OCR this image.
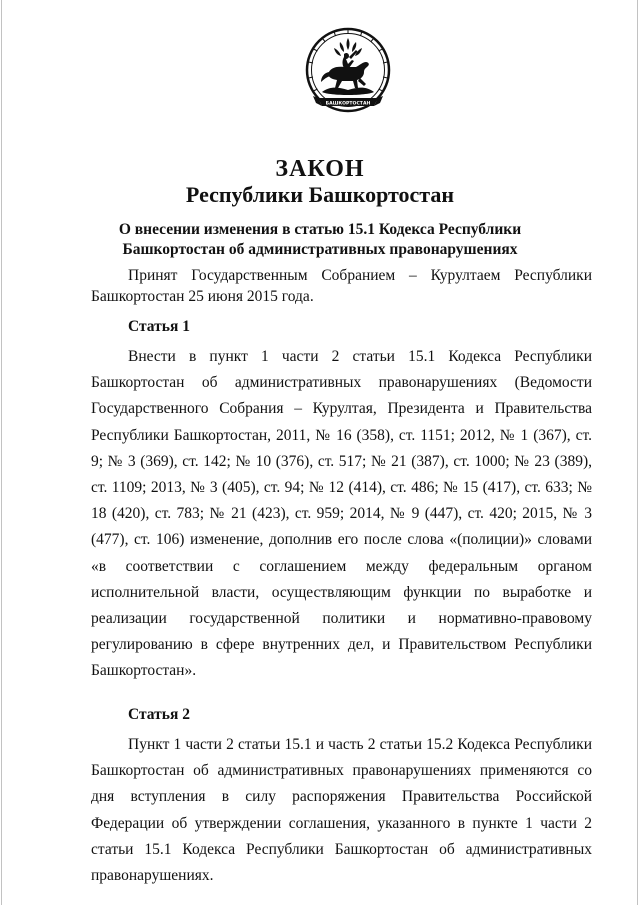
БАШКОРТОСТАН
ЗАКОН
Республики Башкортостан

О внесении изменения в статью 15.1 Кодекса Республики Башкортостан об административных правонарушениях

Принят Государственным Собранием – Курултаем Республики Башкортостан 25 июня 2015 года.

Статья 1

Внести в пункт 1 части 2 статьи 15.1 Кодекса Республики Башкортостан об административных правонарушениях (Ведомости Государственного Собрания – Курултая, Президента и Правительства Республики Башкортостан, 2011, № 16 (358), ст. 1151; 2012, № 1 (367), ст. 9; № 3 (369), ст. 142; № 10 (376), ст. 517; № 21 (387), ст. 1000; № 23 (389), ст. 1109; 2013, № 3 (405), ст. 94; № 12 (414), ст. 486; № 15 (417), ст. 633; № 18 (420), ст. 783; № 21 (423), ст. 959; 2014, № 9 (447), ст. 420; 2015, № 3 (477), ст. 106) изменение, дополнив его после слова «(полиции)» словами «в соответствии с соглашением между федеральным органом исполнительной власти, осуществляющим функции по выработке и реализации государственной политики и нормативно-правовому регулированию в сфере внутренних дел, и Правительством Республики Башкортостан».

Статья 2

Пункт 1 части 2 статьи 15.1 и часть 2 статьи 15.2 Кодекса Республики Башкортостан об административных правонарушениях применяются со дня вступления в силу распоряжения Правительства Российской Федерации об утверждении соглашения, указанного в пункте 1 части 2 статьи 15.1 Кодекса Республики Башкортостан об административных правонарушениях.
